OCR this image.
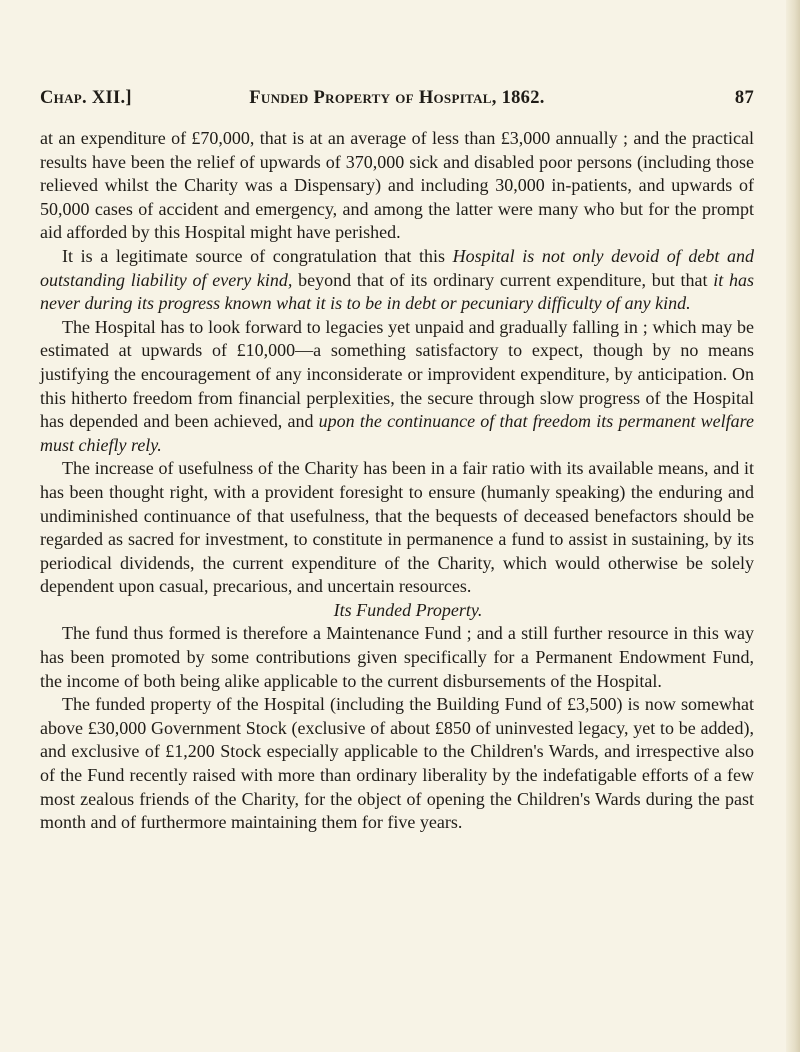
Chap. XII.]	Funded Property of Hospital, 1862.	87

at an expenditure of £70,000, that is at an average of less than £3,000 annually ; and the practical results have been the relief of upwards of 370,000 sick and disabled poor persons (including those relieved whilst the Charity was a Dispensary) and including 30,000 in-patients, and upwards of 50,000 cases of accident and emergency, and among the latter were many who but for the prompt aid afforded by this Hospital might have perished.

It is a legitimate source of congratulation that this Hospital is not only devoid of debt and outstanding liability of every kind, beyond that of its ordinary current expenditure, but that it has never during its progress known what it is to be in debt or pecuniary difficulty of any kind.

The Hospital has to look forward to legacies yet unpaid and gradually falling in ; which may be estimated at upwards of £10,000—a something satisfactory to expect, though by no means justifying the encouragement of any inconsiderate or improvident expenditure, by anticipation. On this hitherto freedom from financial perplexities, the secure through slow progress of the Hospital has depended and been achieved, and upon the continuance of that freedom its permanent welfare must chiefly rely.

The increase of usefulness of the Charity has been in a fair ratio with its available means, and it has been thought right, with a provident foresight to ensure (humanly speaking) the enduring and undiminished continuance of that usefulness, that the bequests of deceased benefactors should be regarded as sacred for investment, to constitute in permanence a fund to assist in sustaining, by its periodical dividends, the current expenditure of the Charity, which would otherwise be solely dependent upon casual, precarious, and uncertain resources.

Its Funded Property.

The fund thus formed is therefore a Maintenance Fund ; and a still further resource in this way has been promoted by some contributions given specifically for a Permanent Endowment Fund, the income of both being alike applicable to the current disbursements of the Hospital.

The funded property of the Hospital (including the Building Fund of £3,500) is now somewhat above £30,000 Government Stock (exclusive of about £850 of uninvested legacy, yet to be added), and exclusive of £1,200 Stock especially applicable to the Children's Wards, and irrespective also of the Fund recently raised with more than ordinary liberality by the indefatigable efforts of a few most zealous friends of the Charity, for the object of opening the Children's Wards during the past month and of furthermore maintaining them for five years.
